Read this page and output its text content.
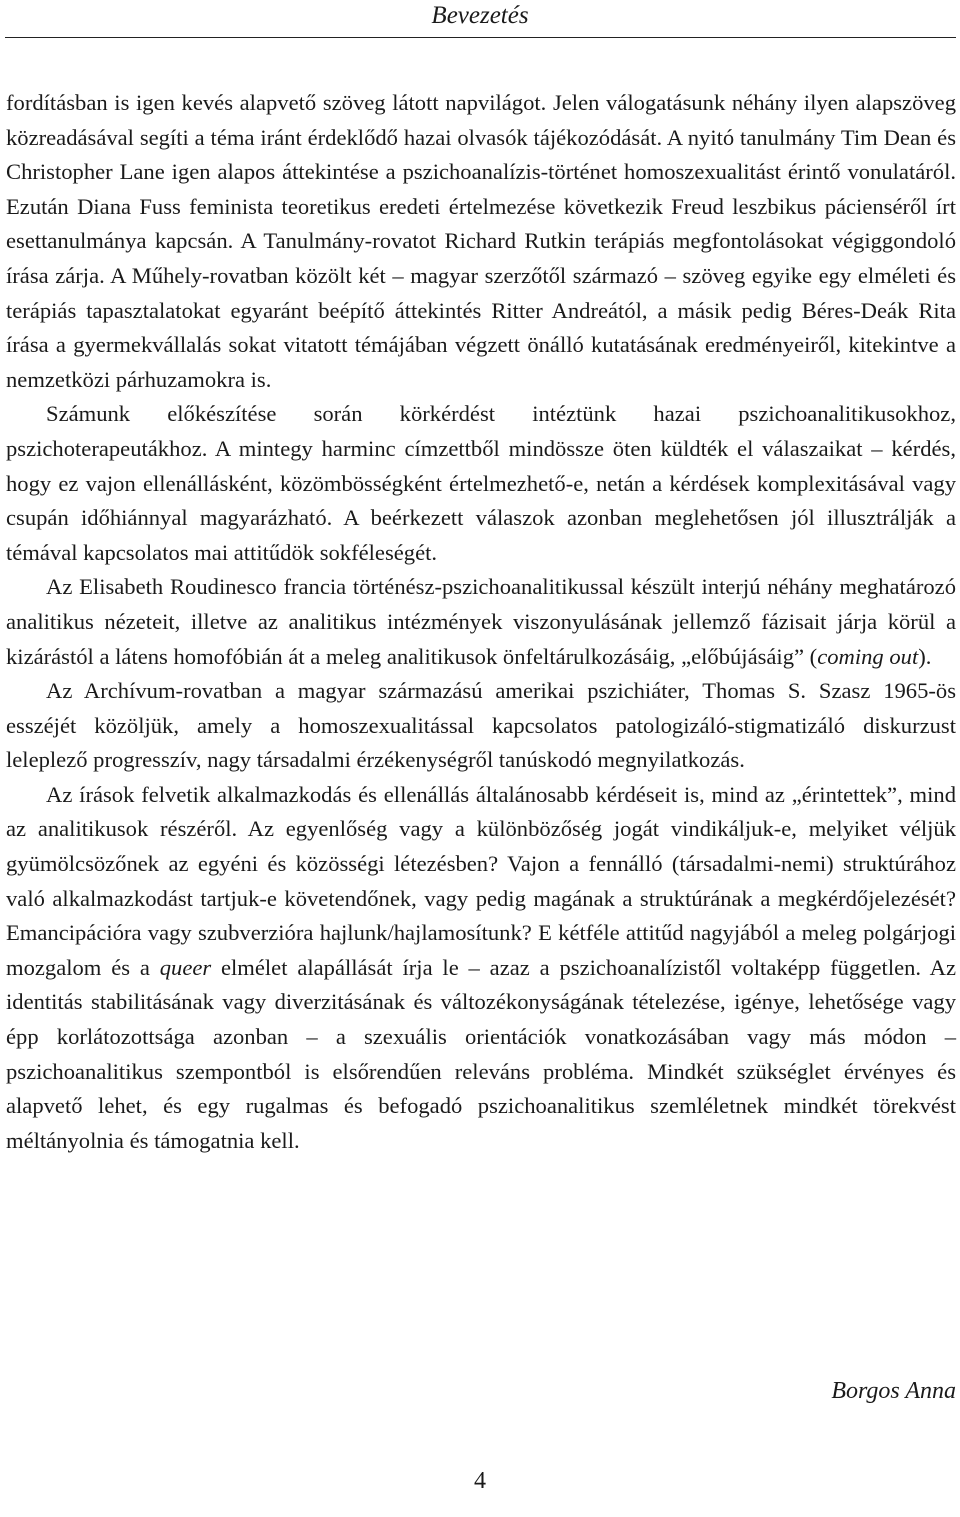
Bevezetés

fordításban is igen kevés alapvető szöveg látott napvilágot. Jelen válogatásunk néhány ilyen alapszöveg közreadásával segíti a téma iránt érdeklődő hazai olvasók tájékozódását. A nyitó tanulmány Tim Dean és Christopher Lane igen alapos áttekintése a pszichoanalízis-történet homoszexualitást érintő vonulatáról. Ezután Diana Fuss feminista teoretikus eredeti értelmezése következik Freud leszbikus pácienséről írt esettanulmánya kapcsán. A Tanulmány-rovatot Richard Rutkin terápiás megfontolásokat végiggondoló írása zárja. A Műhely-rovatban közölt két – magyar szerzőtől származó – szöveg egyike egy elméleti és terápiás tapasztalatokat egyaránt beépítő áttekintés Ritter Andreától, a másik pedig Béres-Deák Rita írása a gyermekvállalás sokat vitatott témájában végzett önálló kutatásának eredményeiről, kitekintve a nemzetközi párhuzamokra is.

Számunk előkészítése során körkérdést intéztünk hazai pszichoanalitikusokhoz, pszichoterapeutákhoz. A mintegy harminc címzettből mindössze öten küldték el válaszaikat – kérdés, hogy ez vajon ellenállásként, közömbösségként értelmezhető-e, netán a kérdések komplexitásával vagy csupán időhiánnyal magyarázható. A beérkezett válaszok azonban meglehetősen jól illusztrálják a témával kapcsolatos mai attitűdök sokféleségét.

Az Elisabeth Roudinesco francia történész-pszichoanalitikussal készült interjú néhány meghatározó analitikus nézeteit, illetve az analitikus intézmények viszonyulásának jellemző fázisait járja körül a kizárástól a látens homofóbián át a meleg analitikusok önfeltárulkozásáig, „előbújásáig” (coming out).

Az Archívum-rovatban a magyar származású amerikai pszichiáter, Thomas S. Szasz 1965-ös esszéjét közöljük, amely a homoszexualitással kapcsolatos patologizáló-stigmatizáló diskurzust leleplező progresszív, nagy társadalmi érzékenységről tanúskodó megnyilatkozás.

Az írások felvetik alkalmazkodás és ellenállás általánosabb kérdéseit is, mind az „érintettek”, mind az analitikusok részéről. Az egyenlőség vagy a különbözőség jogát vindikáljuk-e, melyiket véljük gyümölcsözőnek az egyéni és közösségi létezésben? Vajon a fennálló (társadalmi-nemi) struktúrához való alkalmazkodást tartjuk-e követendőnek, vagy pedig magának a struktúrának a megkérdőjelezését? Emancipációra vagy szubverzióra hajlunk/hajlamosítunk? E kétféle attitűd nagyjából a meleg polgárjogi mozgalom és a queer elmélet alapállását írja le – azaz a pszichoanalízistől voltaképp független. Az identitás stabilitásának vagy diverzitásának és változékonyságának tételezése, igénye, lehetősége vagy épp korlátozottsága azonban – a szexuális orientációk vonatkozásában vagy más módon – pszichoanalitikus szempontból is elsőrendűen releváns probléma. Mindkét szükséglet érvényes és alapvető lehet, és egy rugalmas és befogadó pszichoanalitikus szemléletnek mindkét törekvést méltányolnia és támogatnia kell.

Borgos Anna
4
